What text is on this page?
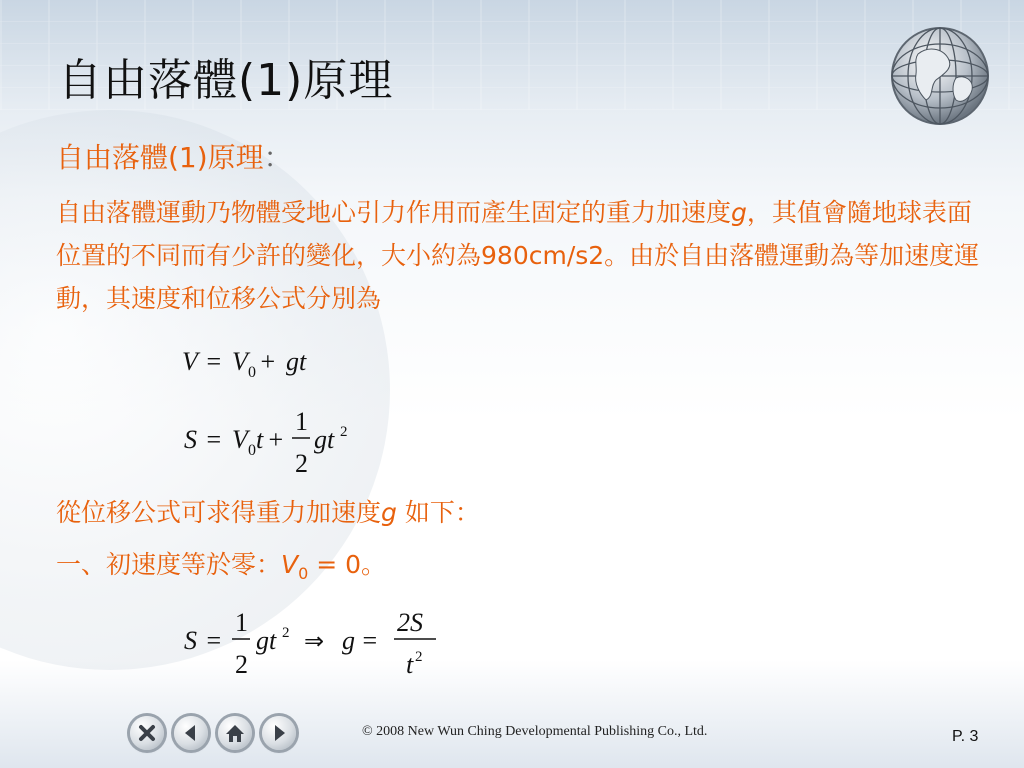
自由落體(1)原理
自由落體(1)原理：

自由落體運動乃物體受地心引力作用而產生固定的重力加速度g，其值會隨地球表面位置的不同而有少許的變化，大小約為980cm/s2。由於自由落體運動為等加速度運動，其速度和位移公式分別為

V = V 0
+ gt
S = V 0 t
+
1
2
gt 2

從位移公式可求得重力加速度g 如下：

一、初速度等於零：$V_0 = 0$。

S =
1
2
gt 2 ⇒ g =
2S
t 2

© 2008 New Wun Ching Developmental Publishing Co., Ltd.	P. 3
